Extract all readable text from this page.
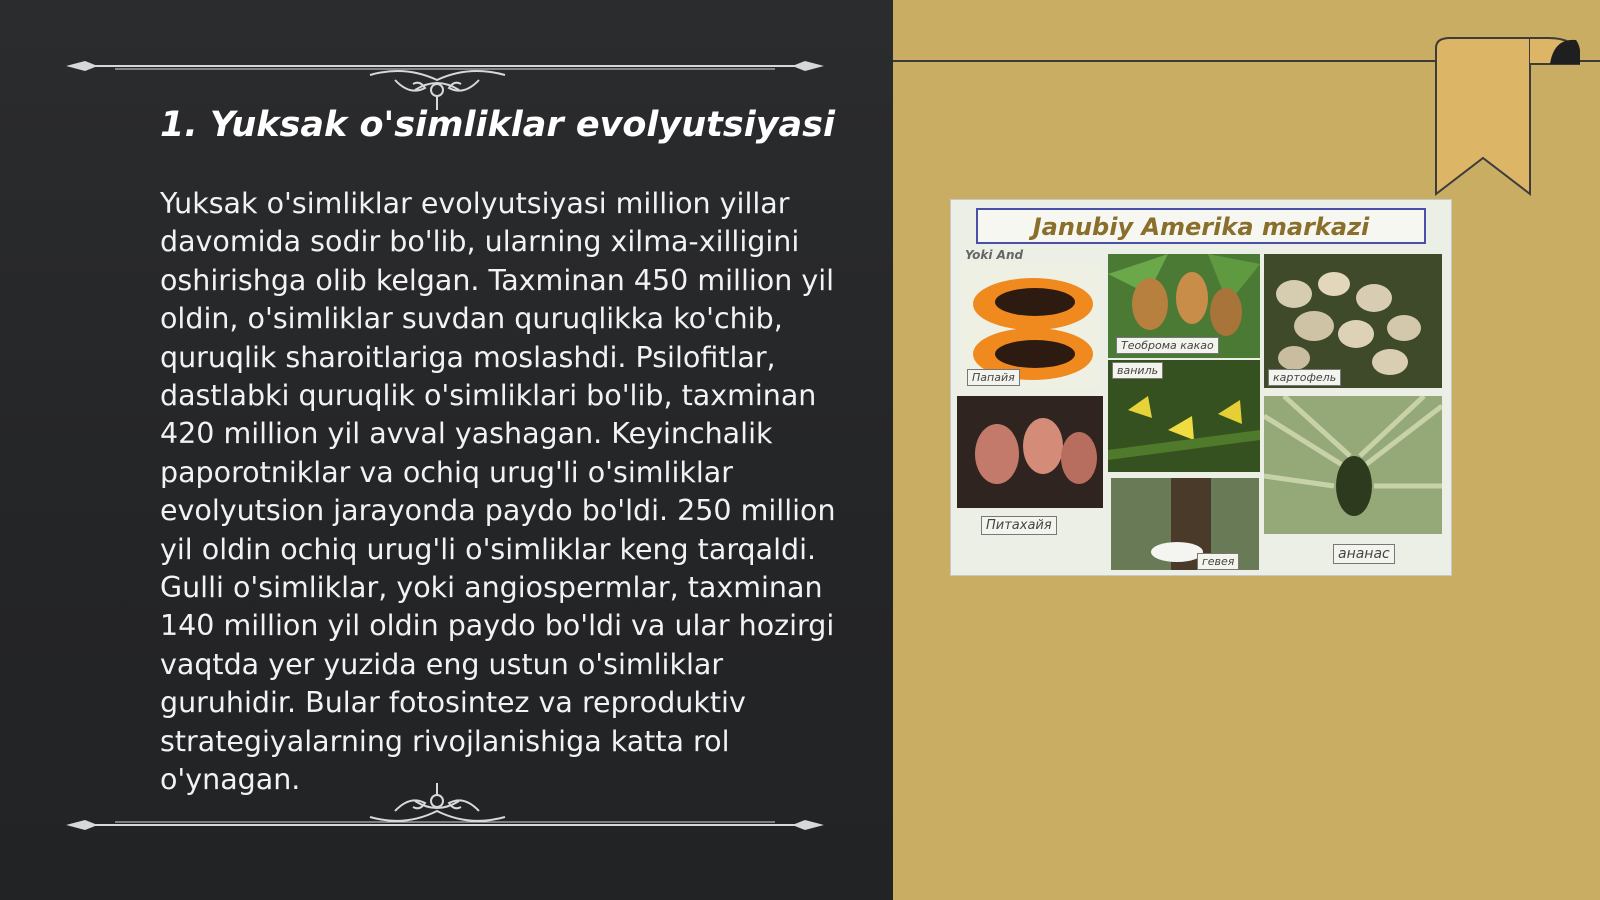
1. Yuksak o'simliklar evolyutsiyasi

Yuksak o'simliklar evolyutsiyasi million yillar davomida sodir bo'lib, ularning xilma-xilligini oshirishga olib kelgan. Taxminan 450 million yil oldin, o'simliklar suvdan quruqlikka ko'chib, quruqlik sharoitlariga moslashdi. Psilofitlar, dastlabki quruqlik o'simliklari bo'lib, taxminan 420 million yil avval yashagan. Keyinchalik paporotniklar va ochiq urug'li o'simliklar evolyutsion jarayonda paydo bo'ldi. 250 million yil oldin ochiq urug'li o'simliklar keng tarqaldi. Gulli o'simliklar, yoki angiospermlar, taxminan 140 million yil oldin paydo bo'ldi va ular hozirgi vaqtda yer yuzida eng ustun o'simliklar guruhidir. Bular fotosintez va reproduktiv strategiyalarning rivojlanishiga katta rol o'ynagan.

Janubiy Amerika markazi
Yoki And
Папайя
Теоброма какао
картофель
ваниль
Питахайя
гевея	ананас
